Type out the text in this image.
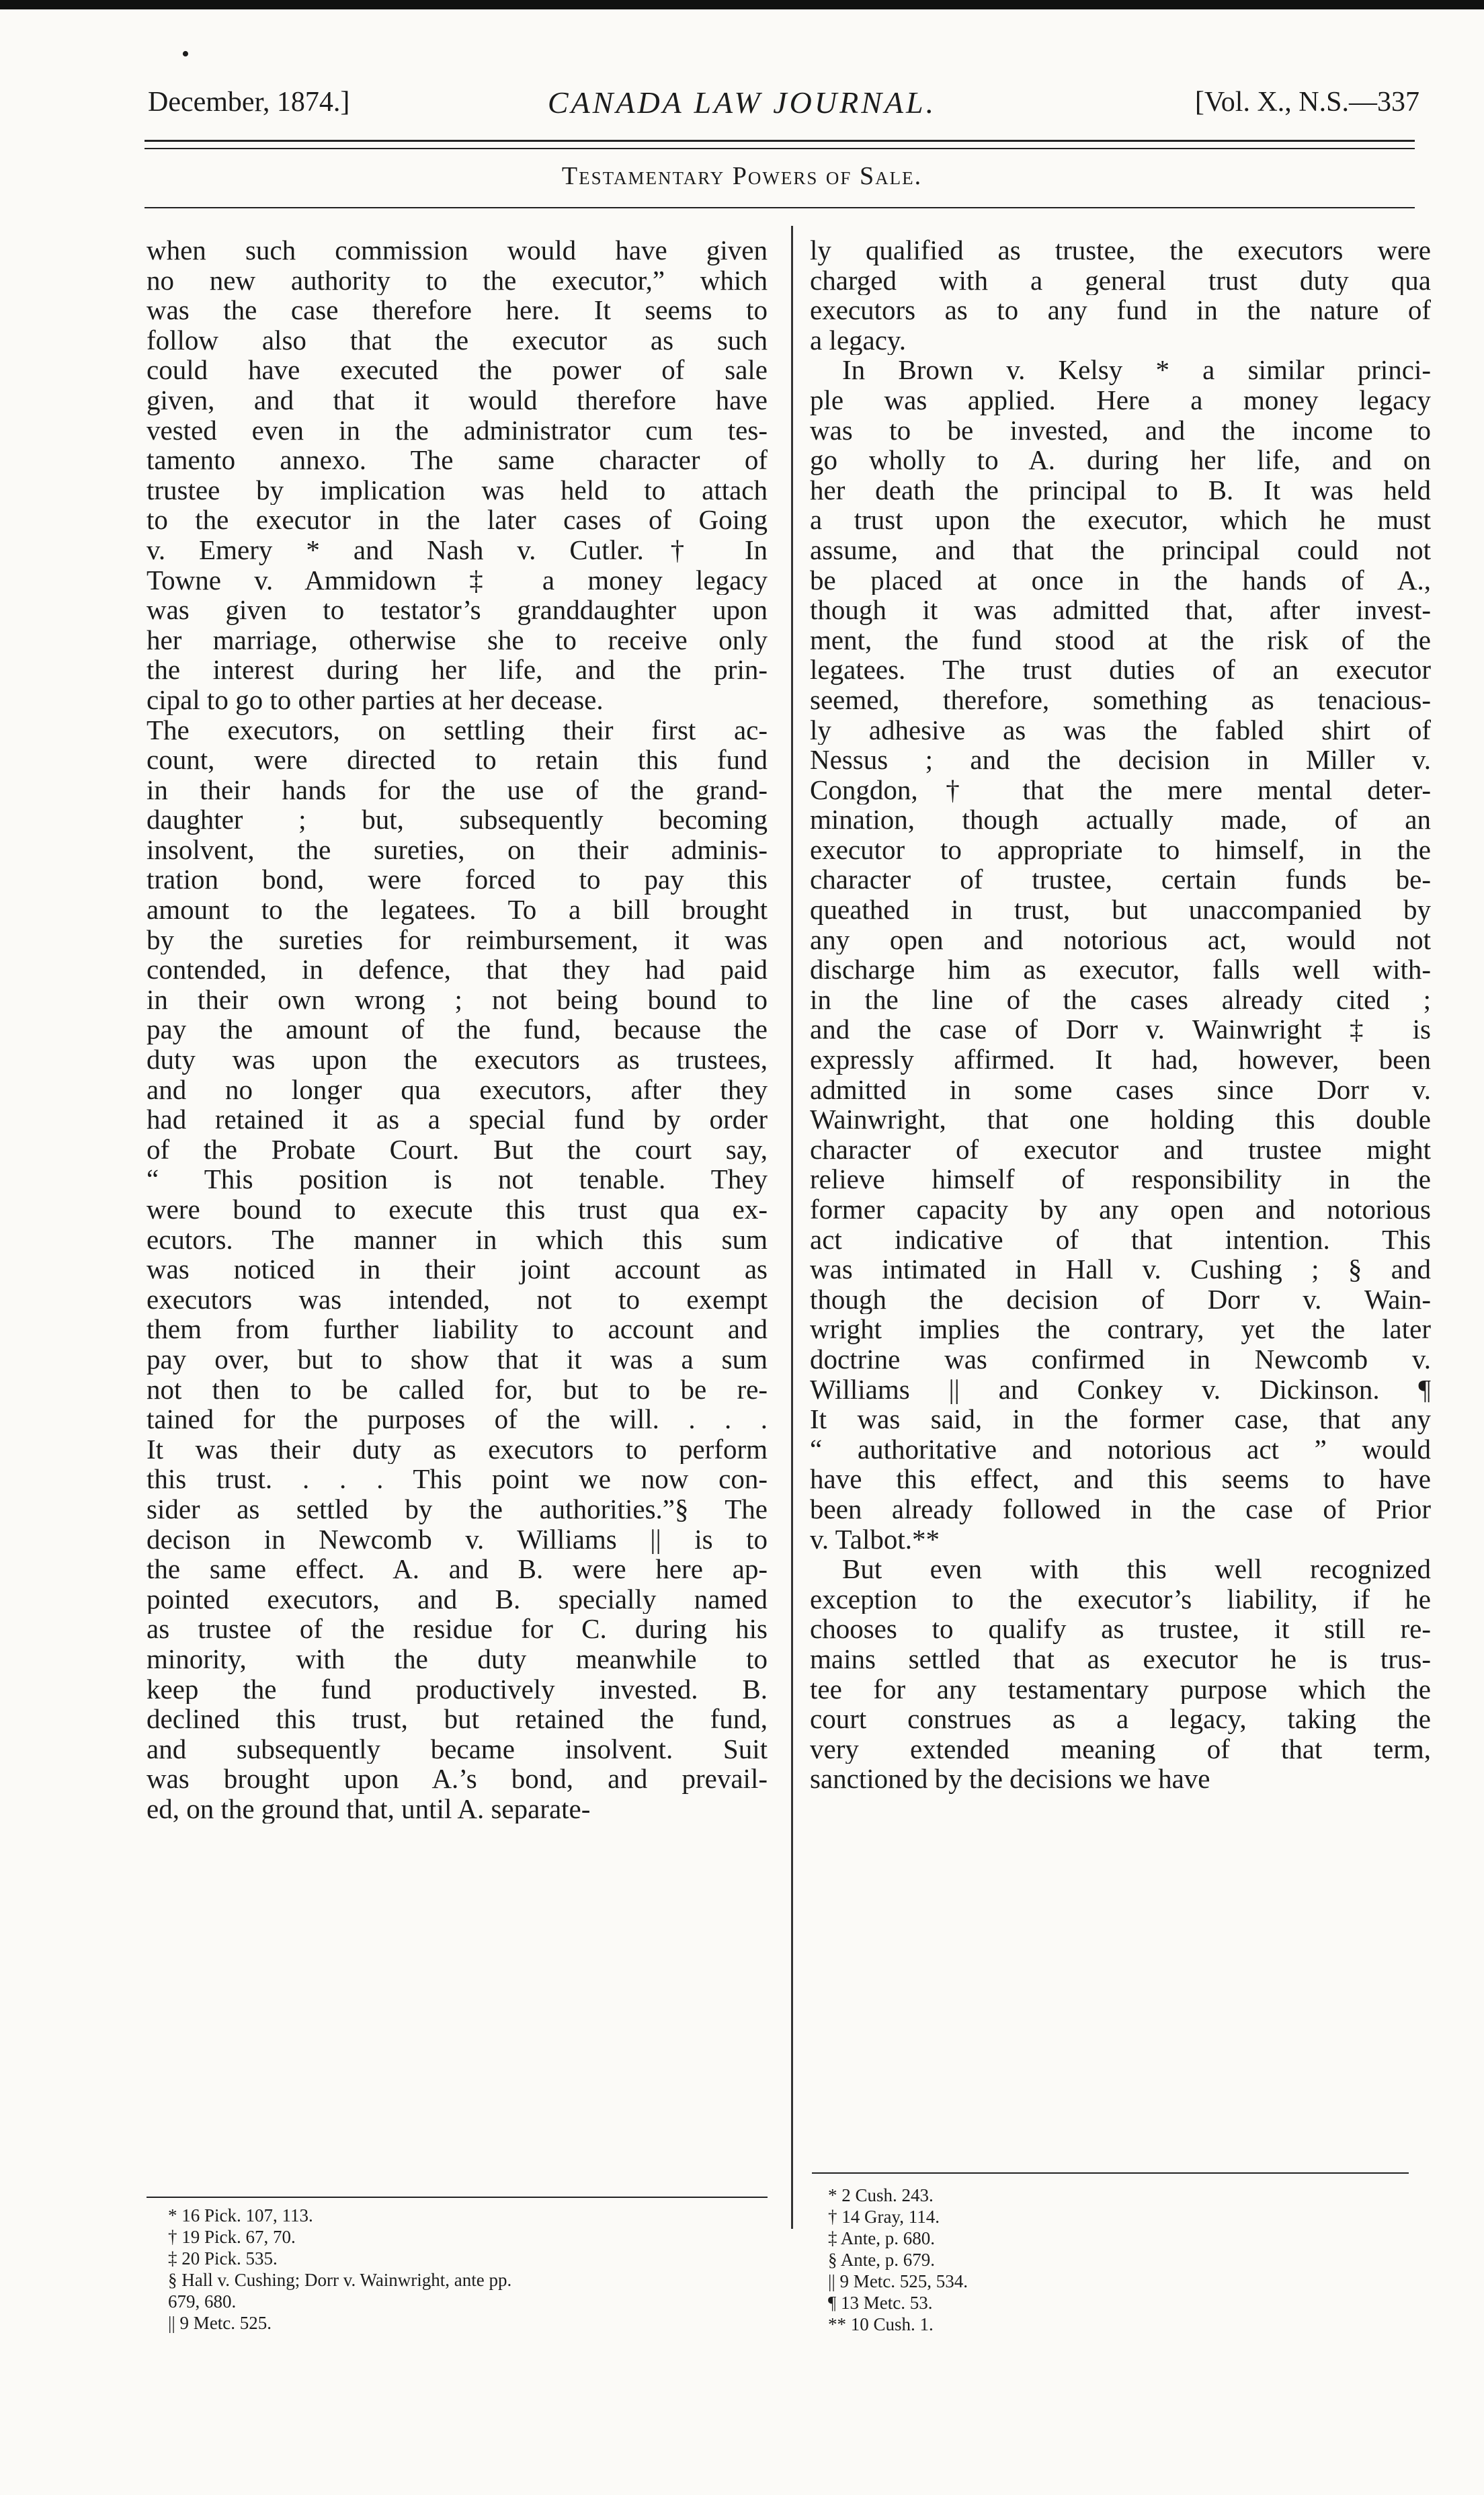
•
December, 1874.]	CANADA LAW JOURNAL.	[Vol. X., N.S.—337
Testamentary Powers of Sale.
when such commission would have given
no new authority to the executor,” which
was the case therefore here. It seems to
follow also that the executor as such
could have executed the power of sale
given, and that it would therefore have
vested even in the administrator cum tes-
tamento annexo. The same character of
trustee by implication was held to attach
to the executor in the later cases of Going
v. Emery * and Nash v. Cutler.† In
Towne v. Ammidown ‡ a money legacy
was given to testator’s granddaughter upon
her marriage, otherwise she to receive only
the interest during her life, and the prin-
cipal to go to other parties at her decease.
The executors, on settling their first ac-
count, were directed to retain this fund
in their hands for the use of the grand-
daughter ; but, subsequently becoming
insolvent, the sureties, on their adminis-
tration bond, were forced to pay this
amount to the legatees. To a bill brought
by the sureties for reimbursement, it was
contended, in defence, that they had paid
in their own wrong ; not being bound to
pay the amount of the fund, because the
duty was upon the executors as trustees,
and no longer qua executors, after they
had retained it as a special fund by order
of the Probate Court. But the court say,
“ This position is not tenable. They
were bound to execute this trust qua ex-
ecutors. The manner in which this sum
was noticed in their joint account as
executors was intended, not to exempt
them from further liability to account and
pay over, but to show that it was a sum
not then to be called for, but to be re-
tained for the purposes of the will. . . .
It was their duty as executors to perform
this trust. . . . This point we now con-
sider as settled by the authorities.”§ The
decison in Newcomb v. Williams || is to
the same effect. A. and B. were here ap-
pointed executors, and B. specially named
as trustee of the residue for C. during his
minority, with the duty meanwhile to
keep the fund productively invested. B.
declined this trust, but retained the fund,
and subsequently became insolvent. Suit
was brought upon A.’s bond, and prevail-
ed, on the ground that, until A. separate-
ly qualified as trustee, the executors were
charged with a general trust duty qua
executors as to any fund in the nature of
a legacy.
In Brown v. Kelsy * a similar princi-
ple was applied. Here a money legacy
was to be invested, and the income to
go wholly to A. during her life, and on
her death the principal to B. It was held
a trust upon the executor, which he must
assume, and that the principal could not
be placed at once in the hands of A.,
though it was admitted that, after invest-
ment, the fund stood at the risk of the
legatees. The trust duties of an executor
seemed, therefore, something as tenacious-
ly adhesive as was the fabled shirt of
Nessus ; and the decision in Miller v.
Congdon,† that the mere mental deter-
mination, though actually made, of an
executor to appropriate to himself, in the
character of trustee, certain funds be-
queathed in trust, but unaccompanied by
any open and notorious act, would not
discharge him as executor, falls well with-
in the line of the cases already cited ;
and the case of Dorr v. Wainwright ‡ is
expressly affirmed. It had, however, been
admitted in some cases since Dorr v.
Wainwright, that one holding this double
character of executor and trustee might
relieve himself of responsibility in the
former capacity by any open and notorious
act indicative of that intention. This
was intimated in Hall v. Cushing ; § and
though the decision of Dorr v. Wain-
wright implies the contrary, yet the later
doctrine was confirmed in Newcomb v.
Williams || and Conkey v. Dickinson. ¶
It was said, in the former case, that any
“ authoritative and notorious act ” would
have this effect, and this seems to have
been already followed in the case of Prior
v. Talbot.**
But even with this well recognized
exception to the executor’s liability, if he
chooses to qualify as trustee, it still re-
mains settled that as executor he is trus-
tee for any testamentary purpose which the
court construes as a legacy, taking the
very extended meaning of that term,
sanctioned by the decisions we have
* 16 Pick. 107, 113.
† 19 Pick. 67, 70.
‡ 20 Pick. 535.
§ Hall v. Cushing; Dorr v. Wainwright, ante pp.
679, 680.
|| 9 Metc. 525.
* 2 Cush. 243.
† 14 Gray, 114.
‡ Ante, p. 680.
§ Ante, p. 679.
|| 9 Metc. 525, 534.
¶ 13 Metc. 53.
** 10 Cush. 1.
